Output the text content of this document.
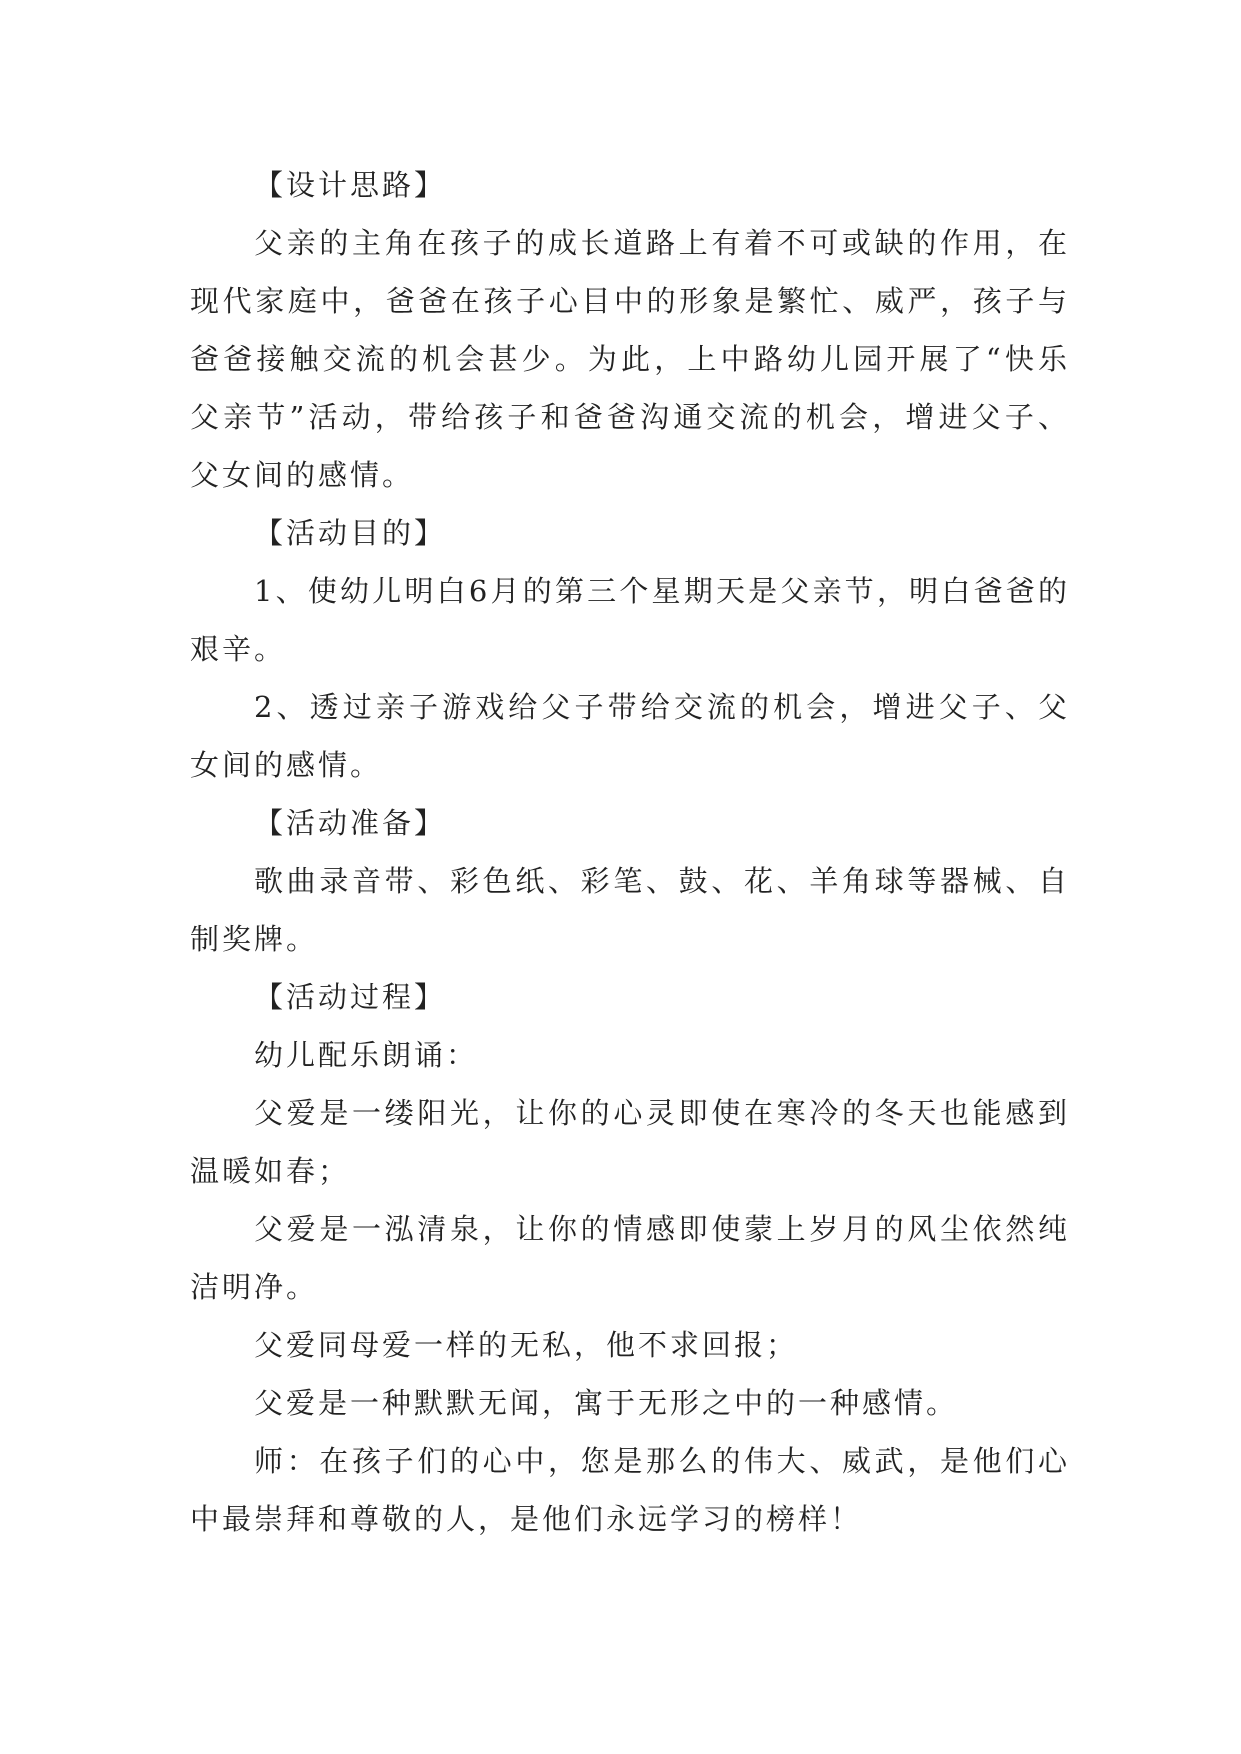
【设计思路】

父亲的主角在孩子的成长道路上有着不可或缺的作用，在现代家庭中，爸爸在孩子心目中的形象是繁忙、威严，孩子与爸爸接触交流的机会甚少。为此，上中路幼儿园开展了“快乐父亲节”活动，带给孩子和爸爸沟通交流的机会，增进父子、父女间的感情。

【活动目的】

1、使幼儿明白6月的第三个星期天是父亲节，明白爸爸的艰辛。

2、透过亲子游戏给父子带给交流的机会，增进父子、父女间的感情。

【活动准备】

歌曲录音带、彩色纸、彩笔、鼓、花、羊角球等器械、自制奖牌。

【活动过程】

幼儿配乐朗诵：

父爱是一缕阳光，让你的心灵即使在寒冷的冬天也能感到温暖如春；

父爱是一泓清泉，让你的情感即使蒙上岁月的风尘依然纯洁明净。

父爱同母爱一样的无私，他不求回报；

父爱是一种默默无闻，寓于无形之中的一种感情。

师：在孩子们的心中，您是那么的伟大、威武，是他们心中最崇拜和尊敬的人，是他们永远学习的榜样！
